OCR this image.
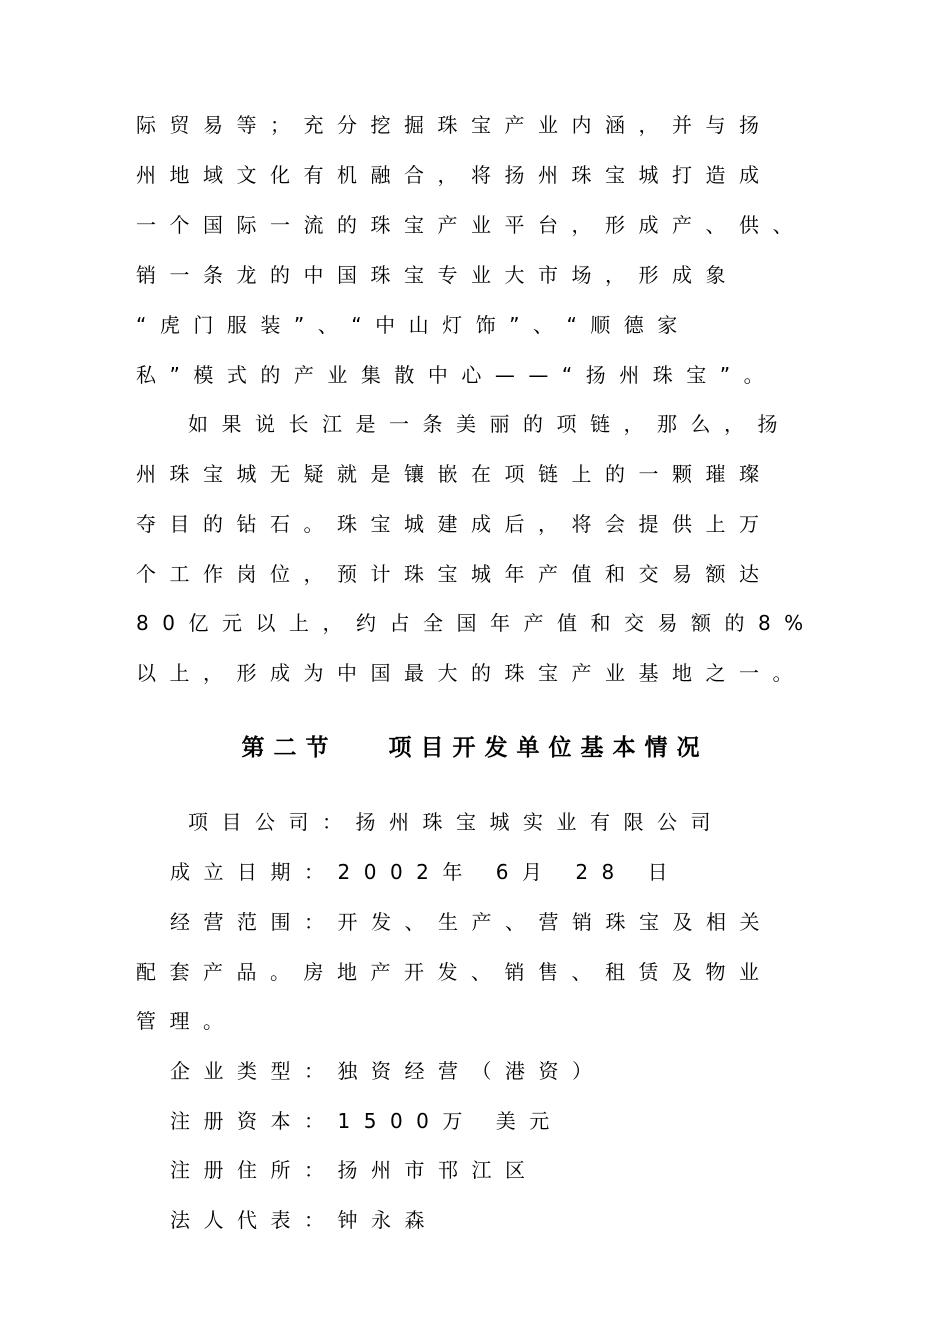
际贸易等；充分挖掘珠宝产业内涵，并与扬
州地域文化有机融合，将扬州珠宝城打造成
一个国际一流的珠宝产业平台，形成产、供、
销一条龙的中国珠宝专业大市场，形成象
“虎门服装”、“中山灯饰”、“顺德家
私”模式的产业集散中心——“扬州珠宝”。
如果说长江是一条美丽的项链，那么，扬
州珠宝城无疑就是镶嵌在项链上的一颗璀璨
夺目的钻石。珠宝城建成后，将会提供上万
个工作岗位，预计珠宝城年产值和交易额达
80亿元以上，约占全国年产值和交易额的8%
以上，形成为中国最大的珠宝产业基地之一。
第二节   项目开发单位基本情况
项目公司：扬州珠宝城实业有限公司
成立日期：2002年 6月 28 日
经营范围：开发、生产、营销珠宝及相关
配套产品。房地产开发、销售、租赁及物业
管理。
企业类型：独资经营（港资）
注册资本：1500万 美元
注册住所：扬州市邗江区
法人代表：钟永森
